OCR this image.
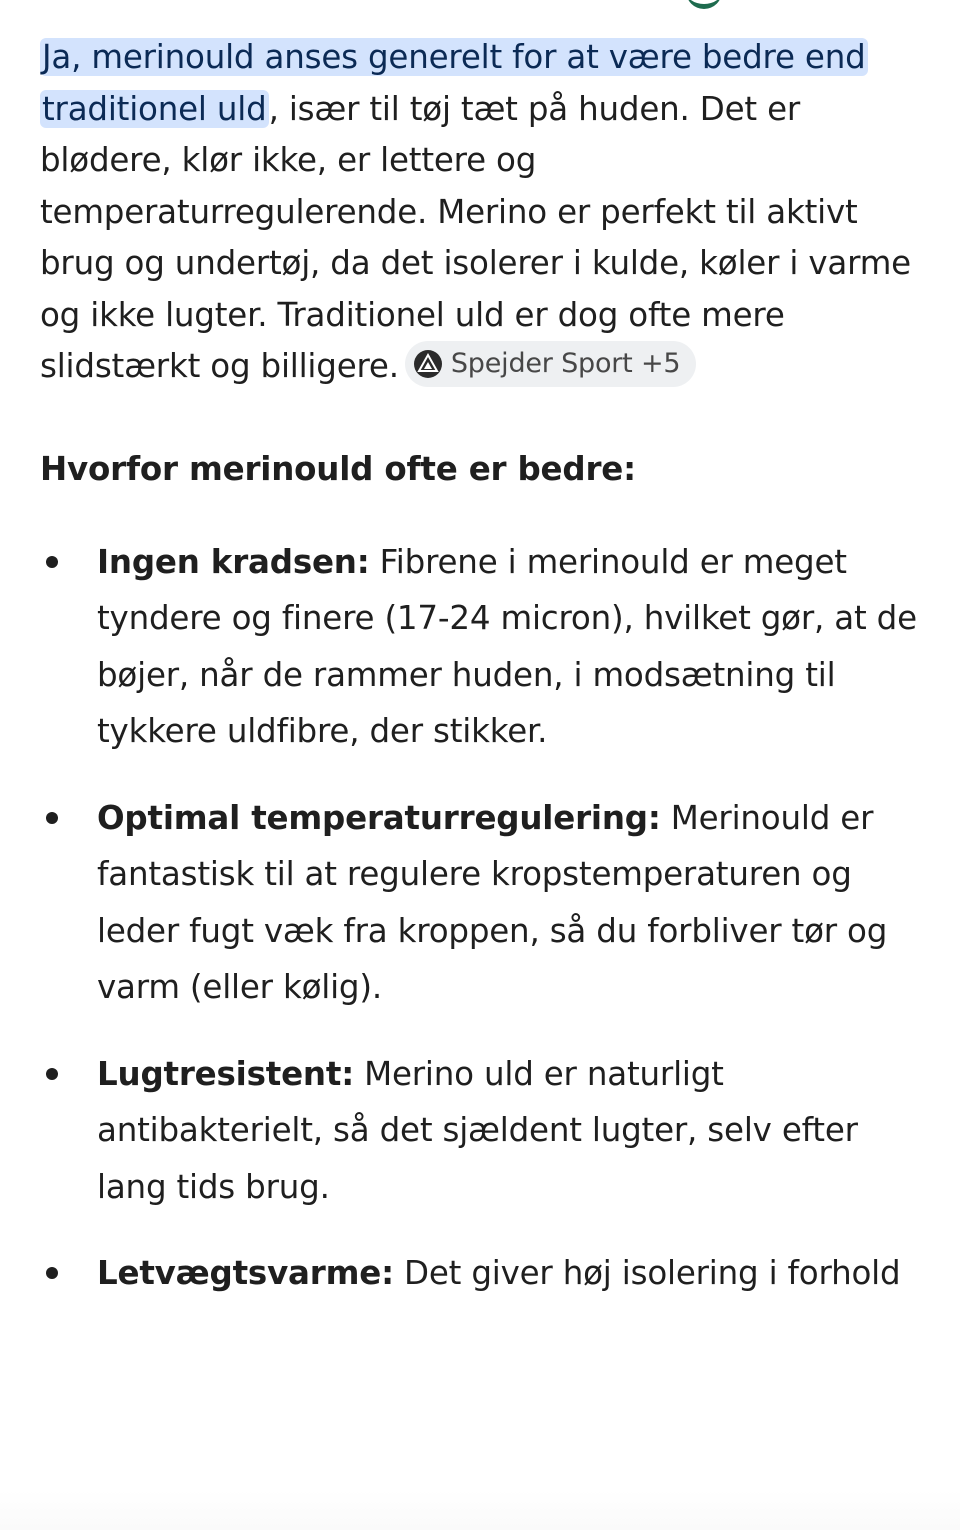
Ja, merinould anses generelt for at være bedre end traditionel uld, især til tøj tæt på huden. Det er blødere, klør ikke, er lettere og temperaturregulerende. Merino er perfekt til aktivt brug og undertøj, da det isolerer i kulde, køler i varme og ikke lugter. Traditionel uld er dog ofte mere slidstærkt og billigere. Spejder Sport +5

Hvorfor merinould ofte er bedre:
Ingen kradsen: Fibrene i merinould er meget tyndere og finere (17-24 micron), hvilket gør, at de bøjer, når de rammer huden, i modsætning til tykkere uldfibre, der stikker.
Optimal temperaturregulering: Merinould er fantastisk til at regulere kropstemperaturen og leder fugt væk fra kroppen, så du forbliver tør og varm (eller kølig).
Lugtresistent: Merino uld er naturligt antibakterielt, så det sjældent lugter, selv efter lang tids brug.
Letvægtsvarme: Det giver høj isolering i forhold
